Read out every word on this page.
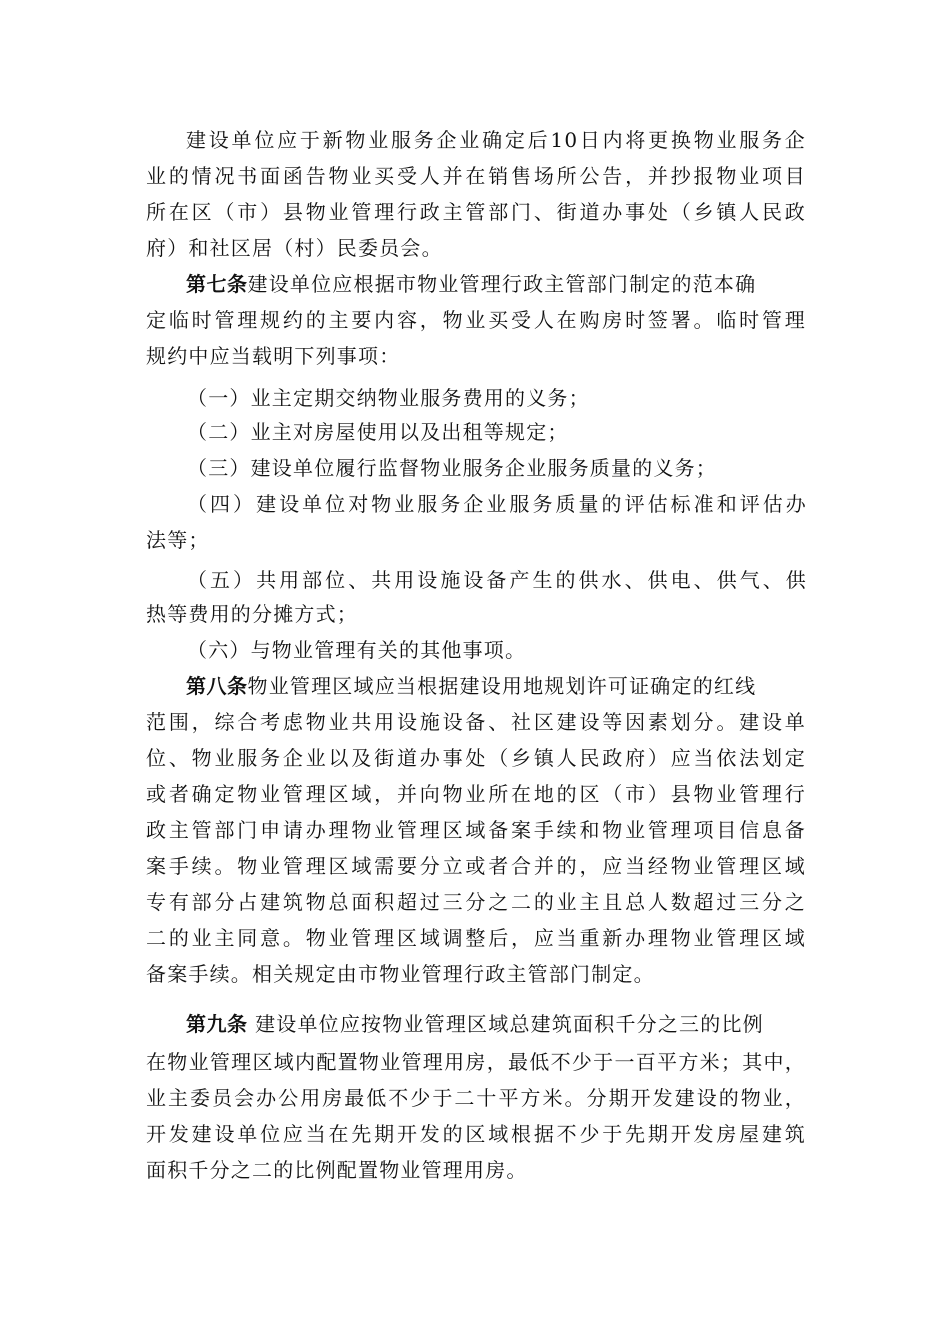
建设单位应于新物业服务企业确定后10日内将更换物业服务企
业的情况书面函告物业买受人并在销售场所公告，并抄报物业项目
所在区（市）县物业管理行政主管部门、街道办事处（乡镇人民政
府）和社区居（村）民委员会。
第七条建设单位应根据市物业管理行政主管部门制定的范本确
定临时管理规约的主要内容，物业买受人在购房时签署。临时管理
规约中应当载明下列事项：
（一）业主定期交纳物业服务费用的义务；
（二）业主对房屋使用以及出租等规定；
（三）建设单位履行监督物业服务企业服务质量的义务；
（四）建设单位对物业服务企业服务质量的评估标准和评估办
法等；
（五）共用部位、共用设施设备产生的供水、供电、供气、供
热等费用的分摊方式；
（六）与物业管理有关的其他事项。
第八条物业管理区域应当根据建设用地规划许可证确定的红线
范围，综合考虑物业共用设施设备、社区建设等因素划分。建设单
位、物业服务企业以及街道办事处（乡镇人民政府）应当依法划定
或者确定物业管理区域，并向物业所在地的区（市）县物业管理行
政主管部门申请办理物业管理区域备案手续和物业管理项目信息备
案手续。物业管理区域需要分立或者合并的，应当经物业管理区域
专有部分占建筑物总面积超过三分之二的业主且总人数超过三分之
二的业主同意。物业管理区域调整后，应当重新办理物业管理区域
备案手续。相关规定由市物业管理行政主管部门制定。
第九条 建设单位应按物业管理区域总建筑面积千分之三的比例
在物业管理区域内配置物业管理用房，最低不少于一百平方米；其中，
业主委员会办公用房最低不少于二十平方米。分期开发建设的物业，
开发建设单位应当在先期开发的区域根据不少于先期开发房屋建筑
面积千分之二的比例配置物业管理用房。
